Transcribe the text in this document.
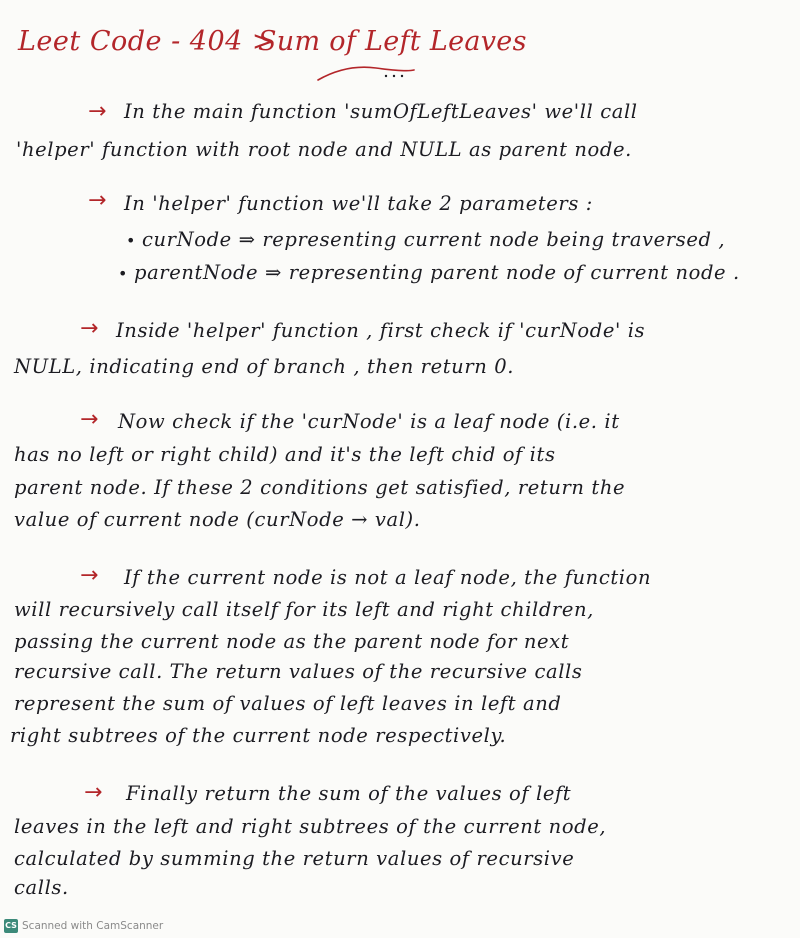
Leet Code - 404 >
Sum of Left Leaves
→ In the main function 'sumOfLeftLeaves' we'll call
'helper' function with root node and NULL as parent node.
→ In 'helper' function we'll take 2 parameters :
• curNode ⇒ representing current node being traversed ,
• parentNode ⇒ representing parent node of current node .
→ Inside 'helper' function , first check if 'curNode' is
NULL, indicating end of branch , then return 0.
→ Now check if the 'curNode' is a leaf node (i.e. it
has no left or right child) and it's the left chid of its
parent node. If these 2 conditions get satisfied, return the
value of current node (curNode → val).
→ If the current node is not a leaf node, the function
will recursively call itself for its left and right children,
passing the current node as the parent node for next
recursive call. The return values of the recursive calls
represent the sum of values of left leaves in left and
right subtrees of the current node respectively.
→ Finally return the sum of the values of left
leaves in the left and right subtrees of the current node,
calculated by summing the return values of recursive
calls.
CS Scanned with CamScanner
